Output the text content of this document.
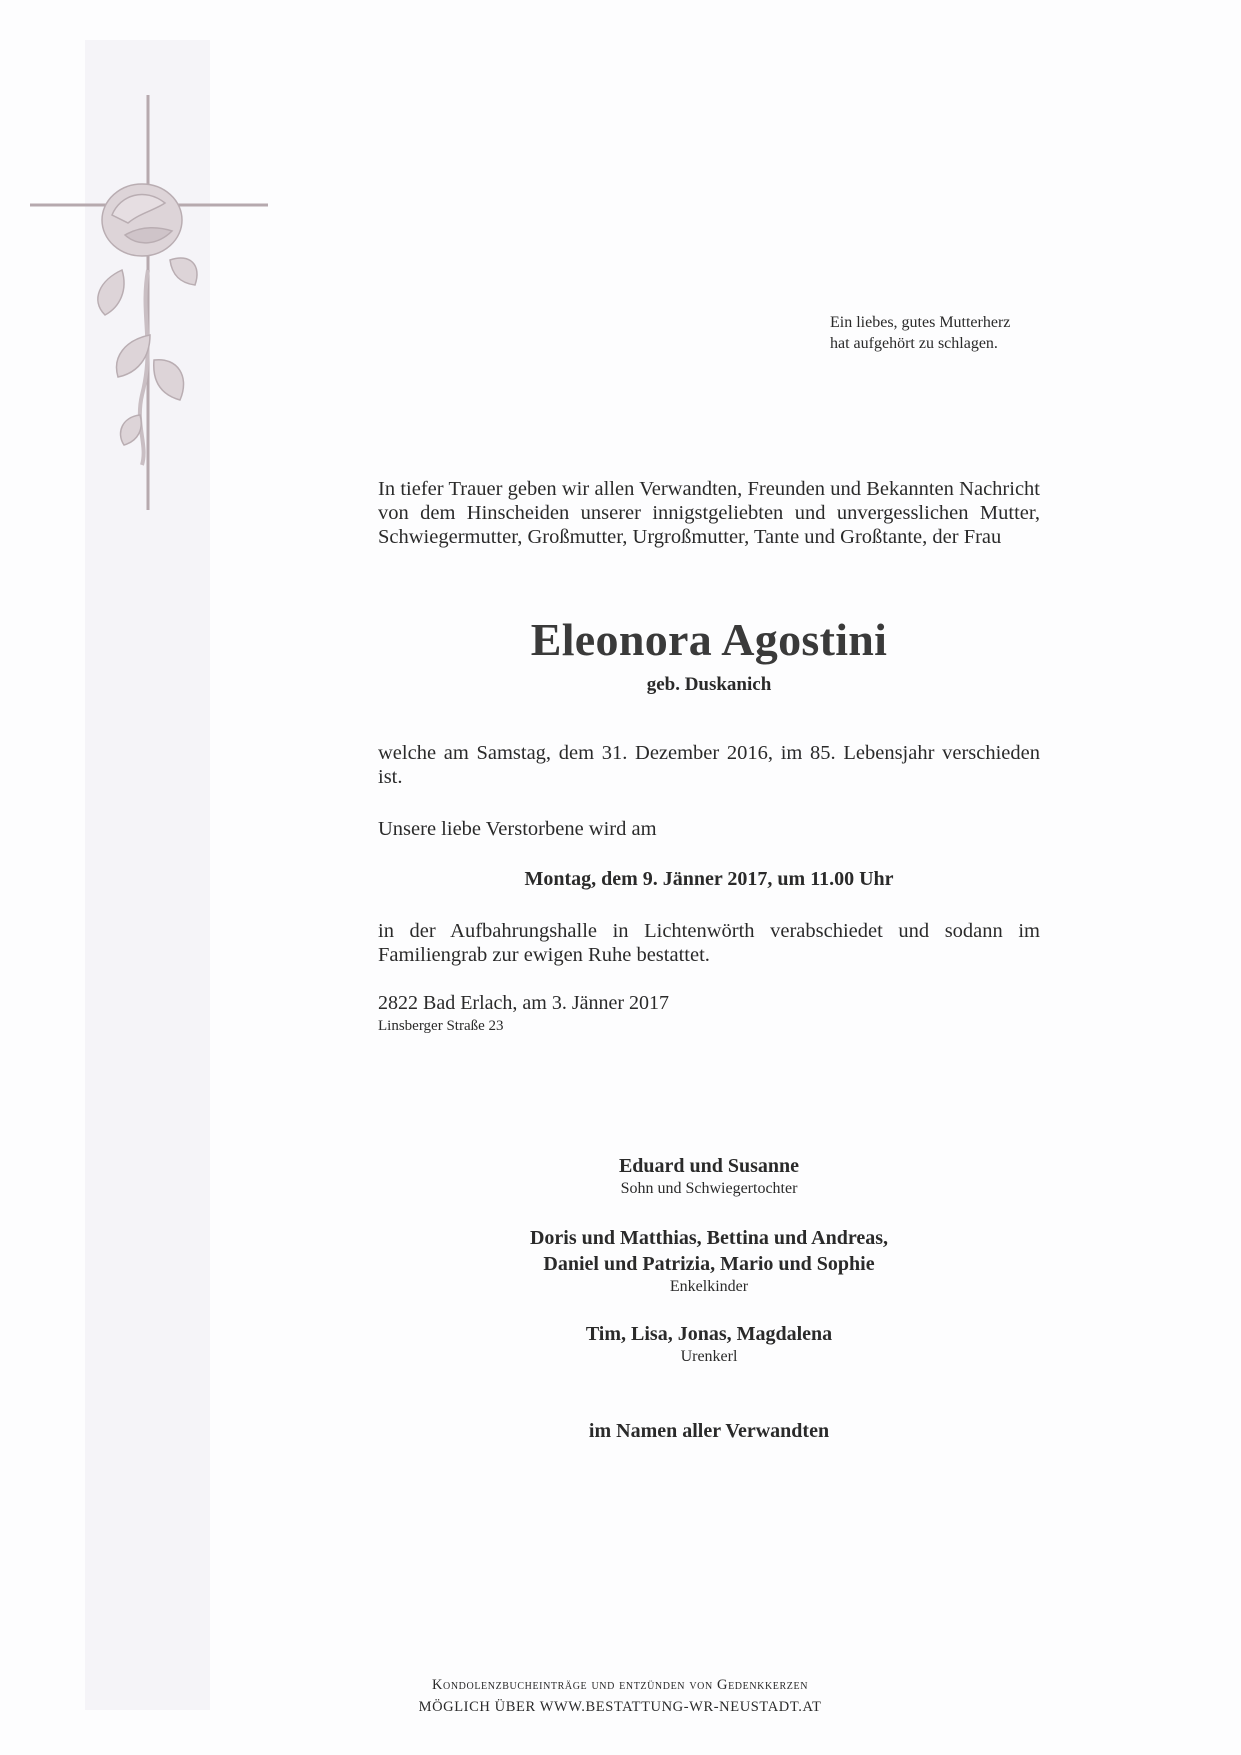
Ein liebes, gutes Mutterherz
hat aufgehört zu schlagen.

In tiefer Trauer geben wir allen Verwandten, Freunden und Bekannten Nachricht von dem Hinscheiden unserer innigstgeliebten und unvergesslichen Mutter, Schwiegermutter, Großmutter, Urgroßmutter, Tante und Großtante, der Frau

Eleonora Agostini
geb. Duskanich

welche am Samstag, dem 31. Dezember 2016, im 85. Lebensjahr verschieden ist.

Unsere liebe Verstorbene wird am

Montag, dem 9. Jänner 2017, um 11.00 Uhr

in der Aufbahrungshalle in Lichtenwörth verabschiedet und sodann im Familiengrab zur ewigen Ruhe bestattet.

2822 Bad Erlach, am 3. Jänner 2017
Linsberger Straße 23
Eduard und Susanne
Sohn und Schwiegertochter
Doris und Matthias, Bettina und Andreas,
Daniel und Patrizia, Mario und Sophie
Enkelkinder
Tim, Lisa, Jonas, Magdalena
Urenkerl
im Namen aller Verwandten
Kondolenzbucheinträge und entzünden von Gedenkkerzen
MÖGLICH ÜBER WWW.BESTATTUNG-WR-NEUSTADT.AT
